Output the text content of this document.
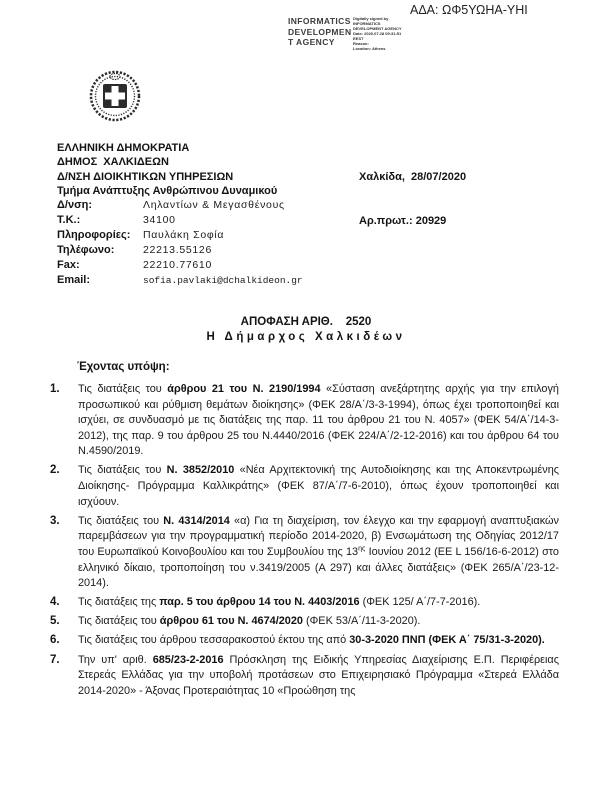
ΑΔΑ: ΩΦ5ΥΩΗΑ-ΥΗΙ
INFORMATICS
DEVELOPMEN
T AGENCY
Digitally signed by
INFORMATICS
DEVELOPMENT AGENCY
Date: 2020.07.28 09:31:51
EEST
Reason:
Location: Athens
ΕΛΛΗΝΙΚΗ ΔΗΜΟΚΡΑΤΙΑ
ΔΗΜΟΣ  ΧΑΛΚΙΔΕΩΝ
Δ/ΝΣΗ ΔΙΟΙΚΗΤΙΚΩΝ ΥΠΗΡΕΣΙΩΝ
Τμήμα Ανάπτυξης Ανθρώπινου Δυναμικού

Χαλκίδα,  28/07/2020

Αρ.πρωτ.: 20929

Δ/νση:	Ληλαντίων & Μεγασθένους
Τ.Κ.:	34100
Πληροφορίες:	Παυλάκη Σοφία
Τηλέφωνο:	22213.55126
Fax:	22210.77610
Email:	sofia.pavlaki@dchalkideon.gr
ΑΠΟΦΑΣΗ ΑΡΙΘ.    2520
Η Δήμαρχος Χαλκιδέων
Έχοντας υπόψη:
1.	Τις διατάξεις του άρθρου 21 του Ν. 2190/1994 «Σύσταση ανεξάρτητης αρχής για την επιλογή προσωπικού και ρύθμιση θεμάτων διοίκησης» (ΦΕΚ 28/Α΄/3-3-1994), όπως έχει τροποποιηθεί και ισχύει, σε συνδυασμό με τις διατάξεις της παρ. 11 του άρθρου 21 του Ν. 4057» (ΦΕΚ 54/Α΄/14-3-2012), της παρ. 9 του άρθρου 25 του Ν.4440/2016 (ΦΕΚ 224/Α΄/2-12-2016) και του άρθρου 64 του Ν.4590/2019.
2.	Τις διατάξεις του Ν. 3852/2010 «Νέα Αρχιτεκτονική της Αυτοδιοίκησης και της Αποκεντρωμένης Διοίκησης- Πρόγραμμα Καλλικράτης» (ΦΕΚ 87/Α΄/7-6-2010), όπως έχουν τροποποιηθεί και ισχύουν.
3.	Τις διατάξεις του Ν. 4314/2014 «α) Για τη διαχείριση, τον έλεγχο και την εφαρμογή αναπτυξιακών παρεμβάσεων για την προγραμματική περίοδο 2014-2020, β) Ενσωμάτωση της Οδηγίας 2012/17 του Ευρωπαϊκού Κοινοβουλίου και του Συμβουλίου της $13^{\eta\varsigma}$ Ιουνίου 2012 (ΕΕ L 156/16-6-2012) στο ελληνικό δίκαιο, τροποποίηση του ν.3419/2005 (Α 297) και άλλες διατάξεις» (ΦΕΚ 265/Α΄/23-12-2014).
4.	Τις διατάξεις της παρ. 5 του άρθρου 14 του Ν. 4403/2016 (ΦΕΚ 125/ Α΄/7-7-2016).
5.	Τις διατάξεις του άρθρου 61 του Ν. 4674/2020 (ΦΕΚ 53/Α΄/11-3-2020).
6.	Τις διατάξεις του άρθρου τεσσαρακοστού έκτου της από 30-3-2020 ΠΝΠ (ΦΕΚ Α΄ 75/31-3-2020).
7.	Την υπ' αριθ. 685/23-2-2016 Πρόσκληση της Ειδικής Υπηρεσίας Διαχείρισης Ε.Π. Περιφέρειας Στερεάς Ελλάδας για την υποβολή προτάσεων στο Επιχειρησιακό Πρόγραμμα «Στερεά Ελλάδα 2014-2020» - Άξονας Προτεραιότητας 10 «Προώθηση της
